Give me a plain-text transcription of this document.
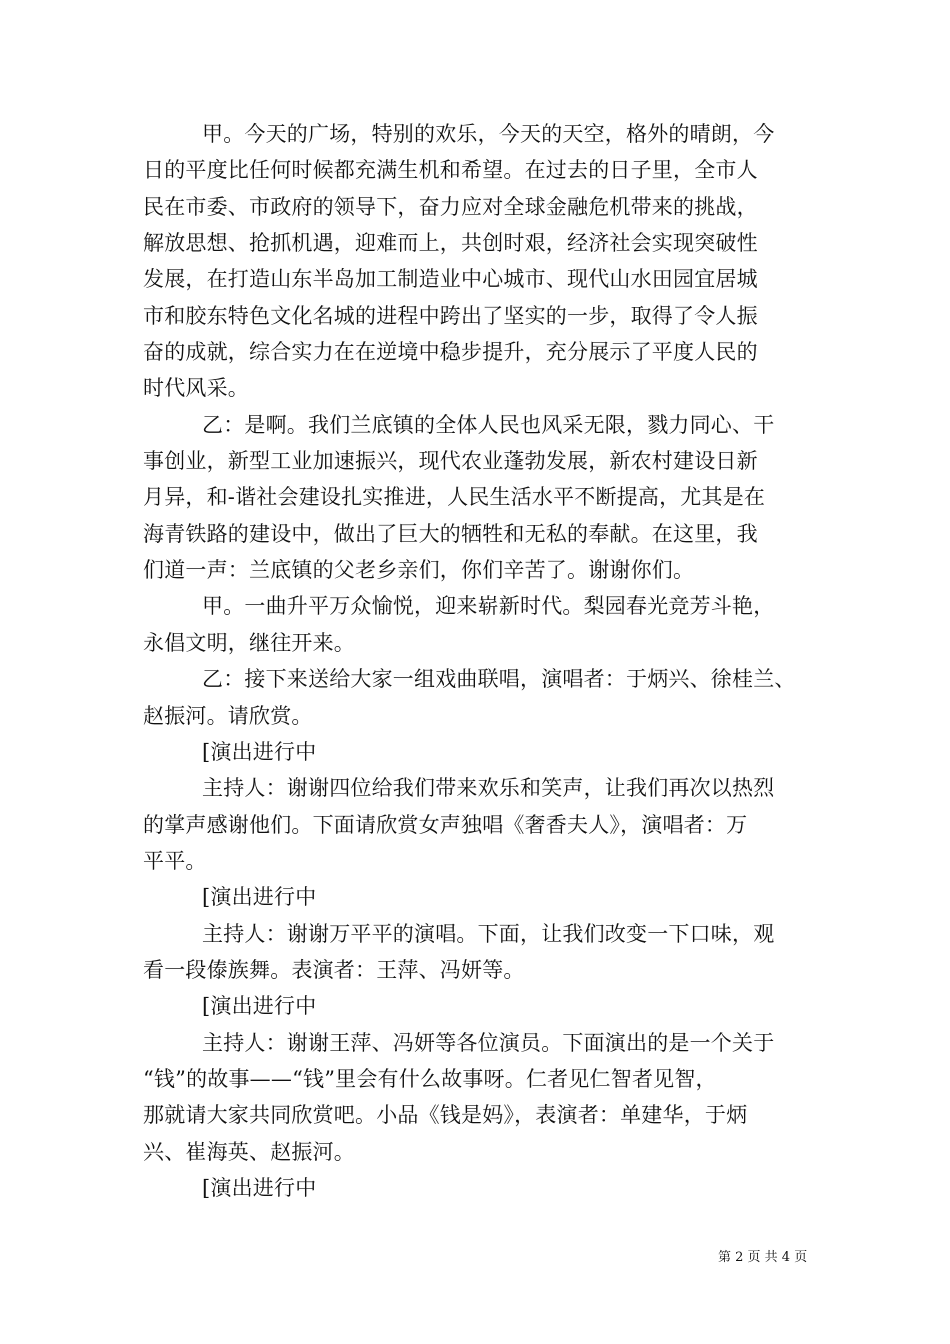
甲。今天的广场，特别的欢乐，今天的天空，格外的晴朗，今
日的平度比任何时候都充满生机和希望。在过去的日子里，全市人
民在市委、市政府的领导下，奋力应对全球金融危机带来的挑战，
解放思想、抢抓机遇，迎难而上，共创时艰，经济社会实现突破性
发展，在打造山东半岛加工制造业中心城市、现代山水田园宜居城
市和胶东特色文化名城的进程中跨出了坚实的一步，取得了令人振
奋的成就，综合实力在在逆境中稳步提升，充分展示了平度人民的
时代风采。
乙：是啊。我们兰底镇的全体人民也风采无限，戮力同心、干
事创业，新型工业加速振兴，现代农业蓬勃发展，新农村建设日新
月异，和-谐社会建设扎实推进，人民生活水平不断提高，尤其是在
海青铁路的建设中，做出了巨大的牺牲和无私的奉献。在这里，我
们道一声：兰底镇的父老乡亲们，你们辛苦了。谢谢你们。
甲。一曲升平万众愉悦，迎来崭新时代。梨园春光竞芳斗艳，
永倡文明，继往开来。
乙：接下来送给大家一组戏曲联唱，演唱者：于炳兴、徐桂兰、
赵振河。请欣赏。
[演出进行中
主持人：谢谢四位给我们带来欢乐和笑声，让我们再次以热烈
的掌声感谢他们。下面请欣赏女声独唱《奢香夫人》，演唱者：万
平平。
[演出进行中
主持人：谢谢万平平的演唱。下面，让我们改变一下口味，观
看一段傣族舞。表演者：王萍、冯妍等。
[演出进行中
主持人：谢谢王萍、冯妍等各位演员。下面演出的是一个关于
“钱”的故事——“钱”里会有什么故事呀。仁者见仁智者见智，
那就请大家共同欣赏吧。小品《钱是妈》，表演者：单建华，于炳
兴、崔海英、赵振河。
[演出进行中
第 2 页 共 4 页
